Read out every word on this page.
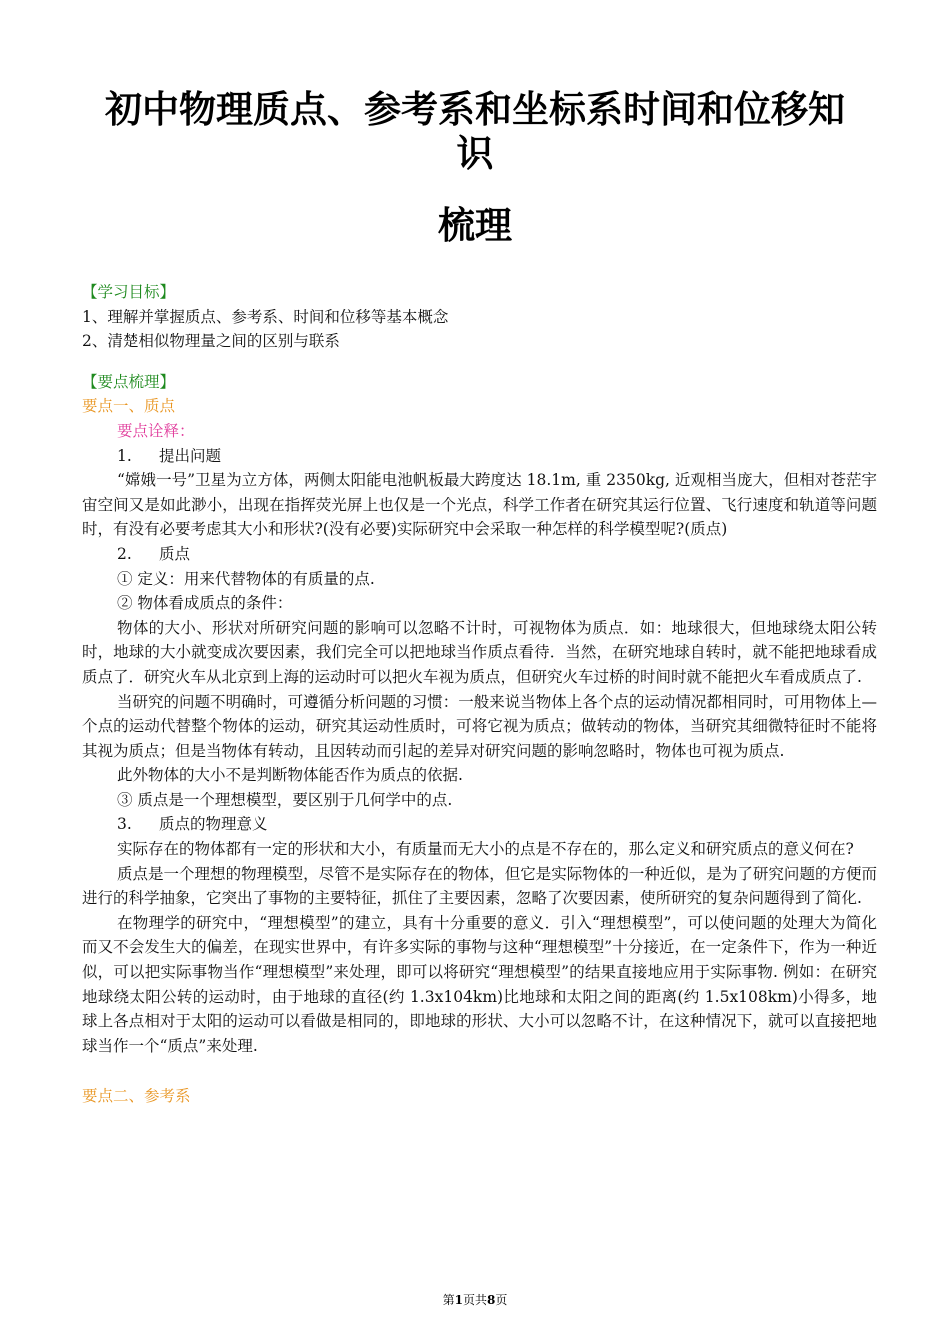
初中物理质点、参考系和坐标系时间和位移知
识
梳理

【学习目标】

1、理解并掌握质点、参考系、时间和位移等基本概念

2、清楚相似物理量之间的区别与联系

【要点梳理】

要点一、质点

要点诠释：

1. 提出问题

“嫦娥一号”卫星为立方体，两侧太阳能电池帆板最大跨度达 18.1m, 重 2350kg, 近观相当庞大，但相对苍茫宇宙空间又是如此渺小，出现在指挥荧光屏上也仅是一个光点，科学工作者在研究其运行位置、飞行速度和轨道等问题时，有没有必要考虑其大小和形状?(没有必要)实际研究中会采取一种怎样的科学模型呢?(质点)

2. 质点

① 定义：用来代替物体的有质量的点.

② 物体看成质点的条件：

物体的大小、形状对所研究问题的影响可以忽略不计时，可视物体为质点．如：地球很大，但地球绕太阳公转时，地球的大小就变成次要因素，我们完全可以把地球当作质点看待．当然，在研究地球自转时，就不能把地球看成质点了．研究火车从北京到上海的运动时可以把火车视为质点，但研究火车过桥的时间时就不能把火车看成质点了.

当研究的问题不明确时，可遵循分析问题的习惯：一般来说当物体上各个点的运动情况都相同时，可用物体上—个点的运动代替整个物体的运动，研究其运动性质时，可将它视为质点；做转动的物体，当研究其细微特征时不能将其视为质点；但是当物体有转动，且因转动而引起的差异对研究问题的影响忽略时，物体也可视为质点.

此外物体的大小不是判断物体能否作为质点的依据.

③ 质点是一个理想模型，要区别于几何学中的点.

3. 质点的物理意义

实际存在的物体都有一定的形状和大小，有质量而无大小的点是不存在的，那么定义和研究质点的意义何在?

质点是一个理想的物理模型，尽管不是实际存在的物体，但它是实际物体的一种近似，是为了研究问题的方便而进行的科学抽象，它突出了事物的主要特征，抓住了主要因素，忽略了次要因素，使所研究的复杂问题得到了简化.

在物理学的研究中，“理想模型”的建立，具有十分重要的意义．引入“理想模型”，可以使问题的处理大为简化而又不会发生大的偏差，在现实世界中，有许多实际的事物与这种“理想模型”十分接近，在一定条件下，作为一种近似，可以把实际事物当作“理想模型”来处理，即可以将研究“理想模型”的结果直接地应用于实际事物. 例如：在研究地球绕太阳公转的运动时，由于地球的直径(约 1.3x104km)比地球和太阳之间的距离(约 1.5x108km)小得多，地球上各点相对于太阳的运动可以看做是相同的，即地球的形状、大小可以忽略不计，在这种情况下，就可以直接把地球当作一个“质点”来处理.

要点二、参考系

第1页共8页
